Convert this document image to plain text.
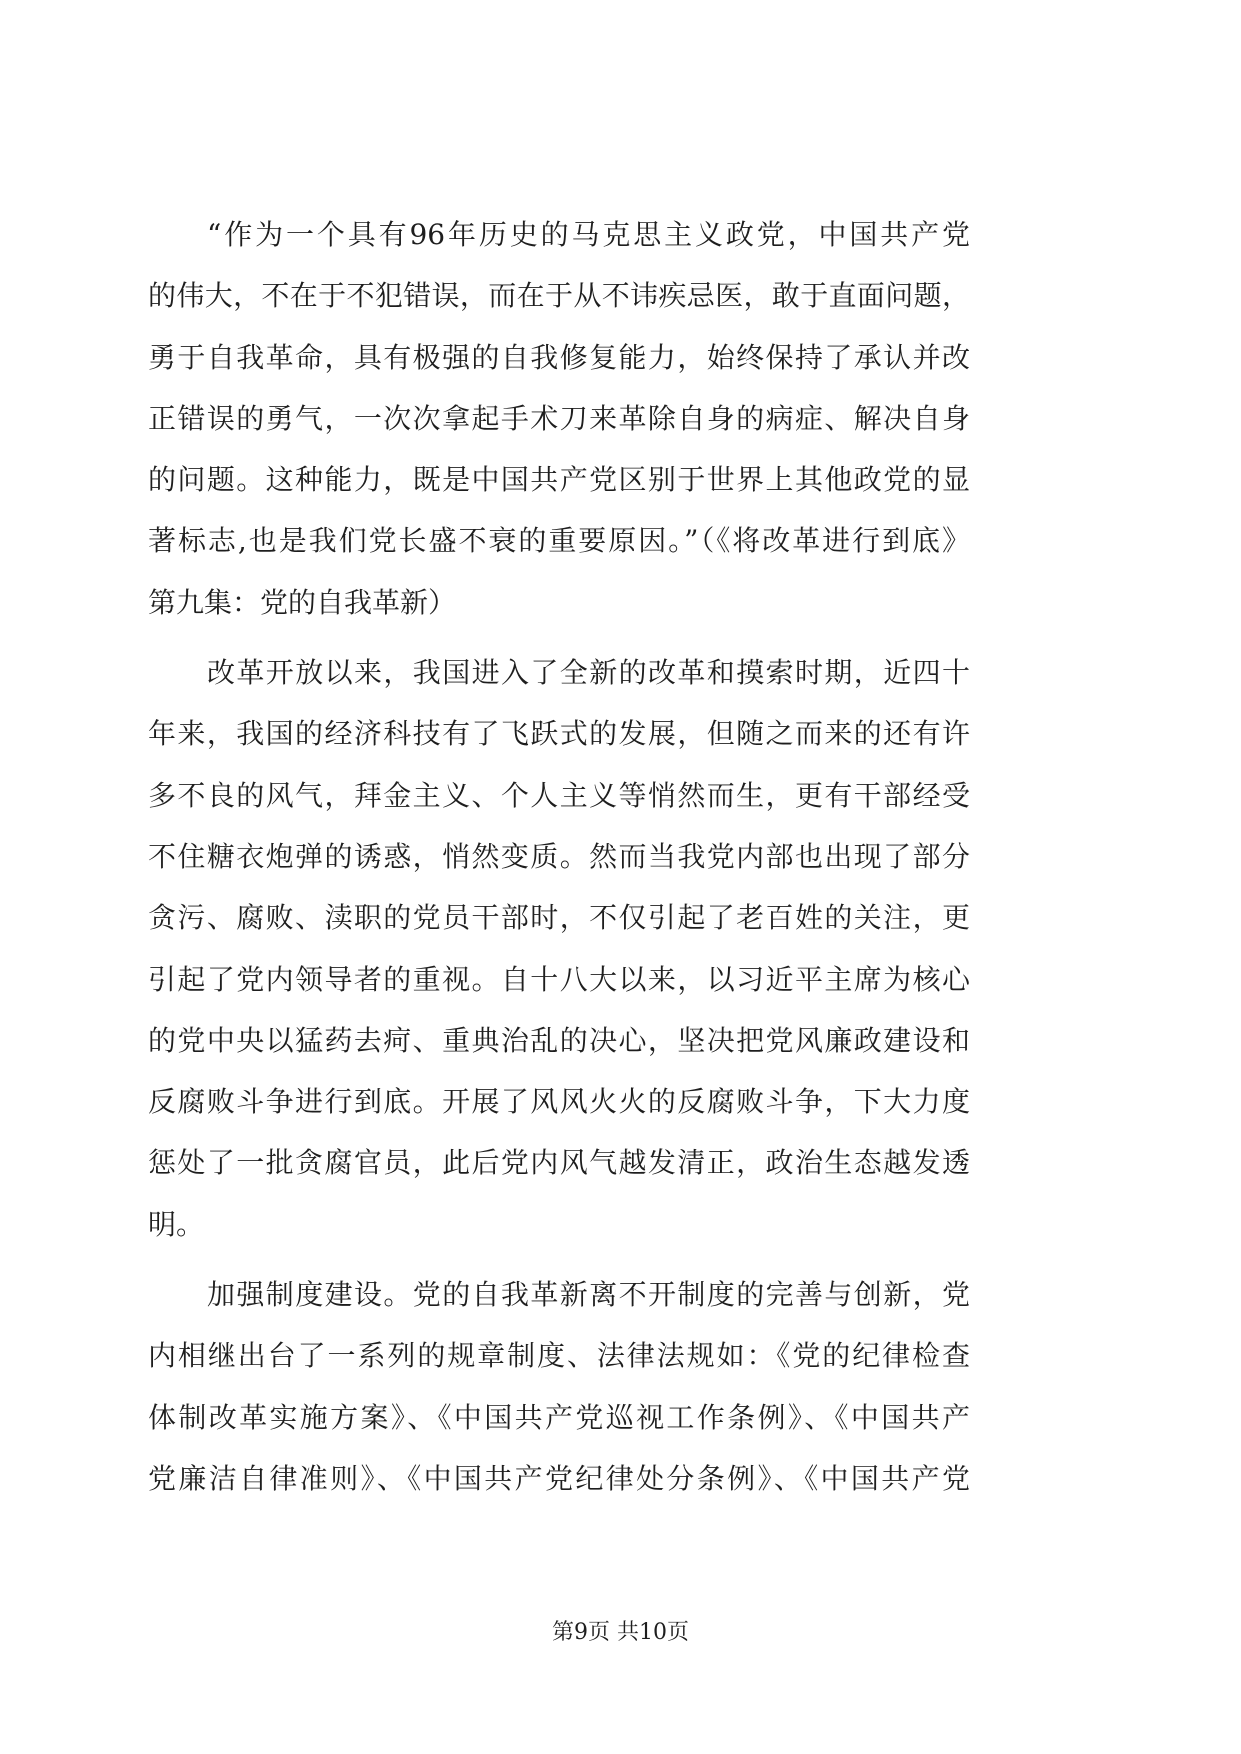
“作为一个具有96年历史的马克思主义政党，中国共产党
的伟大，不在于不犯错误，而在于从不讳疾忌医，敢于直面问题，
勇于自我革命，具有极强的自我修复能力，始终保持了承认并改
正错误的勇气，一次次拿起手术刀来革除自身的病症、解决自身
的问题。这种能力，既是中国共产党区别于世界上其他政党的显
著标志,也是我们党长盛不衰的重要原因。”（《将改革进行到底》
第九集：党的自我革新）
改革开放以来，我国进入了全新的改革和摸索时期，近四十
年来，我国的经济科技有了飞跃式的发展，但随之而来的还有许
多不良的风气，拜金主义、个人主义等悄然而生，更有干部经受
不住糖衣炮弹的诱惑，悄然变质。然而当我党内部也出现了部分
贪污、腐败、渎职的党员干部时，不仅引起了老百姓的关注，更
引起了党内领导者的重视。自十八大以来，以习近平主席为核心
的党中央以猛药去疴、重典治乱的决心，坚决把党风廉政建设和
反腐败斗争进行到底。开展了风风火火的反腐败斗争，下大力度
惩处了一批贪腐官员，此后党内风气越发清正，政治生态越发透
明。
加强制度建设。党的自我革新离不开制度的完善与创新，党
内相继出台了一系列的规章制度、法律法规如：《党的纪律检查
体制改革实施方案》、《中国共产党巡视工作条例》、《中国共产
党廉洁自律准则》、《中国共产党纪律处分条例》、《中国共产党
第9页 共10页
